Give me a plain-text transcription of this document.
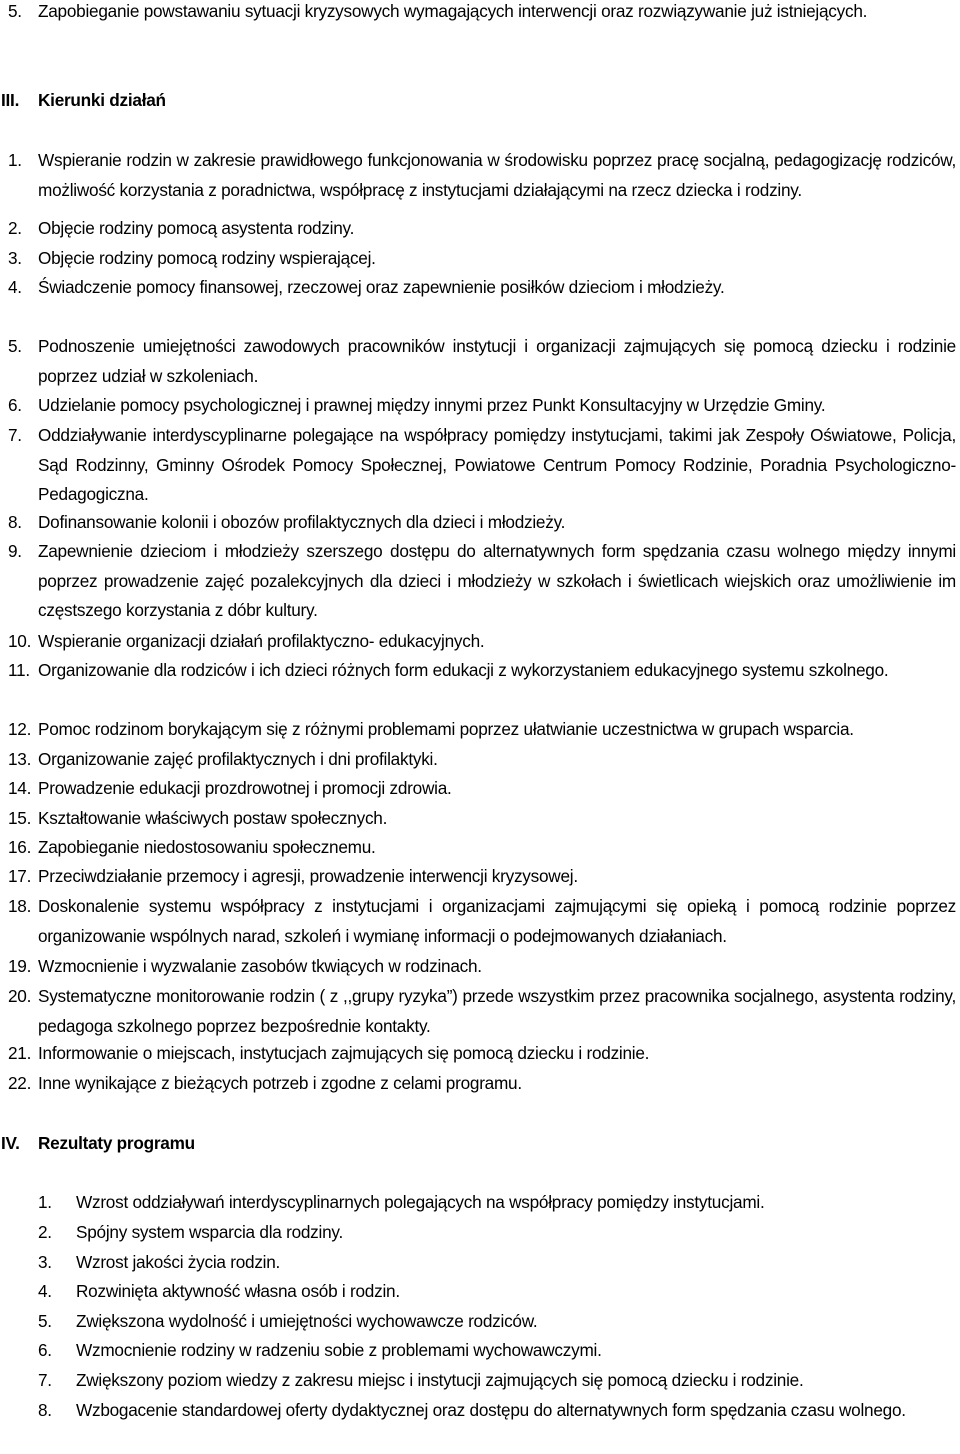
5. Zapobieganie powstawaniu sytuacji kryzysowych wymagających interwencji oraz rozwiązywanie już istniejących.
III.	Kierunki działań
1. Wspieranie rodzin w zakresie prawidłowego funkcjonowania w środowisku poprzez pracę socjalną, pedagogizację rodziców, możliwość korzystania z poradnictwa, współpracę z instytucjami działającymi na rzecz dziecka i rodziny.
2. Objęcie rodziny pomocą asystenta rodziny.
3. Objęcie rodziny pomocą rodziny wspierającej.
4. Świadczenie pomocy finansowej, rzeczowej oraz zapewnienie posiłków dzieciom i młodzieży.
5. Podnoszenie umiejętności zawodowych pracowników instytucji i organizacji zajmujących się pomocą dziecku i rodzinie poprzez udział w szkoleniach.
6. Udzielanie pomocy psychologicznej i prawnej między innymi przez Punkt Konsultacyjny w Urzędzie Gminy.
7. Oddziaływanie interdyscyplinarne polegające na współpracy pomiędzy instytucjami, takimi jak Zespoły Oświatowe, Policja, Sąd Rodzinny, Gminny Ośrodek Pomocy Społecznej, Powiatowe Centrum Pomocy Rodzinie, Poradnia Psychologiczno- Pedagogiczna.
8. Dofinansowanie kolonii i obozów profilaktycznych dla dzieci i młodzieży.
9. Zapewnienie dzieciom i młodzieży szerszego dostępu do alternatywnych form spędzania czasu wolnego między innymi poprzez prowadzenie zajęć pozalekcyjnych dla dzieci i młodzieży w szkołach i świetlicach wiejskich oraz umożliwienie im częstszego korzystania z dóbr kultury.
10. Wspieranie organizacji działań profilaktyczno- edukacyjnych.
11. Organizowanie dla rodziców i ich dzieci różnych form edukacji z wykorzystaniem edukacyjnego systemu szkolnego.
12. Pomoc rodzinom borykającym się z różnymi problemami poprzez ułatwianie uczestnictwa w grupach wsparcia.
13. Organizowanie zajęć profilaktycznych i dni profilaktyki.
14. Prowadzenie edukacji prozdrowotnej i promocji zdrowia.
15. Kształtowanie właściwych postaw społecznych.
16. Zapobieganie niedostosowaniu społecznemu.
17. Przeciwdziałanie przemocy i agresji, prowadzenie interwencji kryzysowej.
18. Doskonalenie systemu współpracy z instytucjami i organizacjami zajmującymi się opieką i pomocą rodzinie poprzez organizowanie wspólnych narad, szkoleń i wymianę informacji o podejmowanych działaniach.
19. Wzmocnienie i wyzwalanie zasobów tkwiących w rodzinach.
20. Systematyczne monitorowanie rodzin ( z ,,grupy ryzyka”) przede wszystkim przez pracownika socjalnego, asystenta rodziny, pedagoga szkolnego poprzez bezpośrednie kontakty.
21. Informowanie o miejscach, instytucjach zajmujących się pomocą dziecku i rodzinie.
22. Inne wynikające z bieżących potrzeb i zgodne z celami programu.
IV.	Rezultaty programu
1.	Wzrost oddziaływań interdyscyplinarnych polegających na współpracy pomiędzy instytucjami.
2.	Spójny system wsparcia dla rodziny.
3.	Wzrost jakości życia rodzin.
4.	Rozwinięta aktywność własna osób i rodzin.
5.	Zwiększona wydolność i umiejętności wychowawcze rodziców.
6.	Wzmocnienie rodziny w radzeniu sobie z problemami wychowawczymi.
7.	Zwiększony poziom wiedzy z zakresu miejsc i instytucji zajmujących się pomocą dziecku i rodzinie.
8.	Wzbogacenie standardowej oferty dydaktycznej oraz dostępu do alternatywnych form spędzania czasu wolnego.
